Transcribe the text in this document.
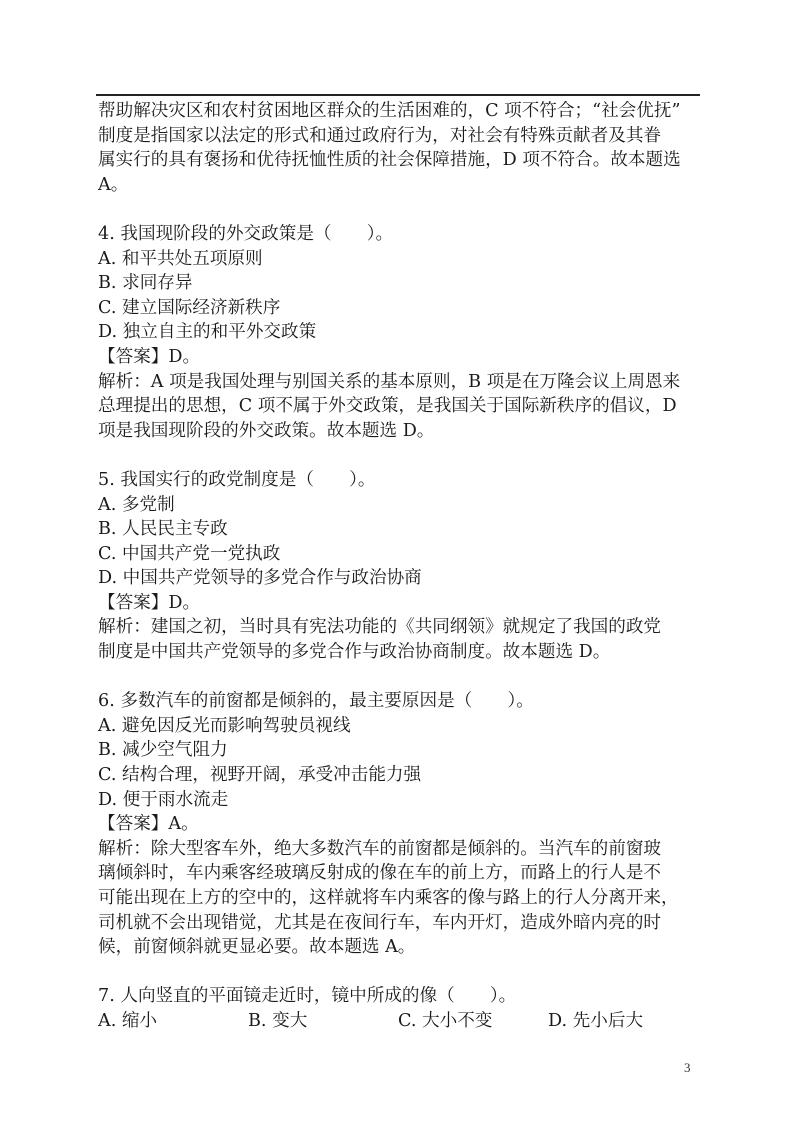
帮助解决灾区和农村贫困地区群众的生活困难的，C 项不符合；“社会优抚”
制度是指国家以法定的形式和通过政府行为，对社会有特殊贡献者及其眷
属实行的具有褒扬和优待抚恤性质的社会保障措施，D 项不符合。故本题选
A。
4. 我国现阶段的外交政策是（　　）。
A. 和平共处五项原则
B. 求同存异
C. 建立国际经济新秩序
D. 独立自主的和平外交政策
【答案】D。
解析：A 项是我国处理与别国关系的基本原则，B 项是在万隆会议上周恩来
总理提出的思想，C 项不属于外交政策，是我国关于国际新秩序的倡议，D
项是我国现阶段的外交政策。故本题选 D。
5. 我国实行的政党制度是（　　）。
A. 多党制
B. 人民民主专政
C. 中国共产党一党执政
D. 中国共产党领导的多党合作与政治协商
【答案】D。
解析：建国之初，当时具有宪法功能的《共同纲领》就规定了我国的政党
制度是中国共产党领导的多党合作与政治协商制度。故本题选 D。
6. 多数汽车的前窗都是倾斜的，最主要原因是（　　）。
A. 避免因反光而影响驾驶员视线
B. 减少空气阻力
C. 结构合理，视野开阔，承受冲击能力强
D. 便于雨水流走
【答案】A。
解析：除大型客车外，绝大多数汽车的前窗都是倾斜的。当汽车的前窗玻
璃倾斜时，车内乘客经玻璃反射成的像在车的前上方，而路上的行人是不
可能出现在上方的空中的，这样就将车内乘客的像与路上的行人分离开来，
司机就不会出现错觉，尤其是在夜间行车，车内开灯，造成外暗内亮的时
候，前窗倾斜就更显必要。故本题选 A。
7. 人向竖直的平面镜走近时，镜中所成的像（　　）。
A. 缩小	B. 变大	C. 大小不变	D. 先小后大
3
